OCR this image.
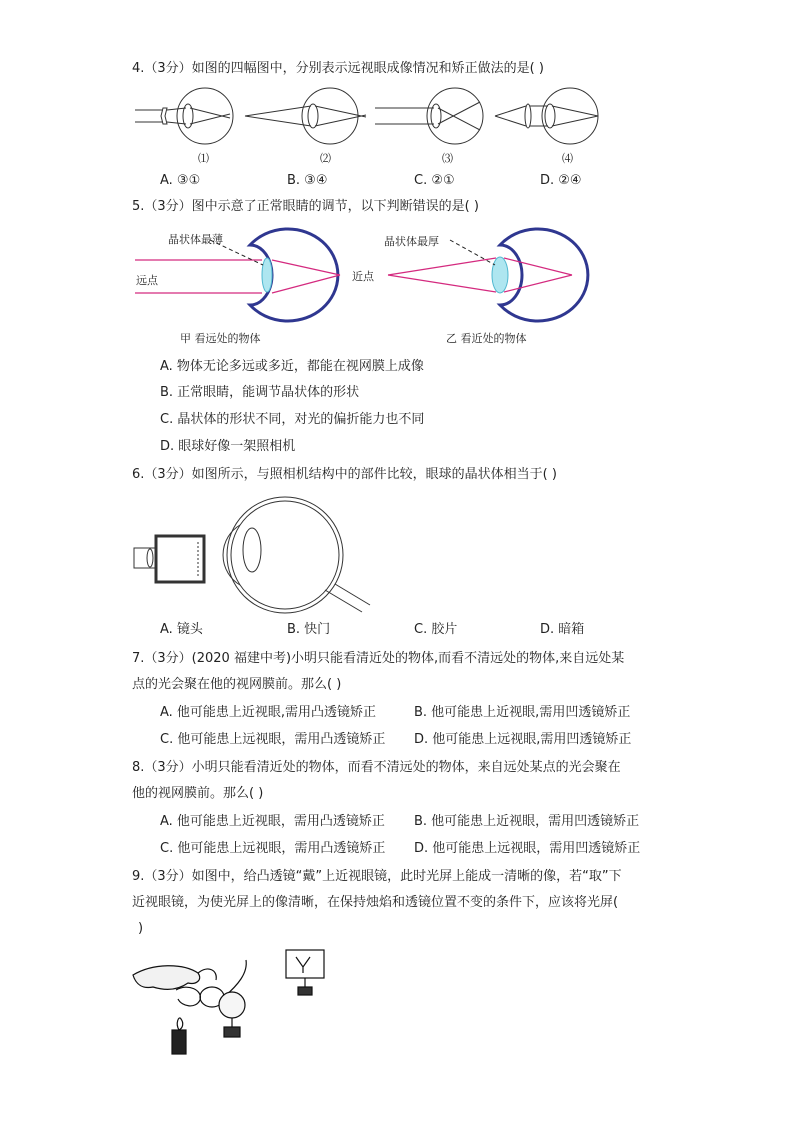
4.（3分）如图的四幅图中，分别表示远视眼成像情况和矫正做法的是( )
⑴	⑵	⑶	⑷
A. ③①	B. ③④	C. ②①	D. ②④
5.（3分）图中示意了正常眼睛的调节，以下判断错误的是( )
晶状体最薄
远点
甲 看远处的物体
晶状体最厚
近点
乙 看近处的物体
A. 物体无论多远或多近，都能在视网膜上成像
B. 正常眼睛，能调节晶状体的形状
C. 晶状体的形状不同，对光的偏折能力也不同
D. 眼球好像一架照相机
6.（3分）如图所示，与照相机结构中的部件比较，眼球的晶状体相当于( )
A. 镜头	B. 快门	C. 胶片	D. 暗箱
7.（3分）(2020 福建中考)小明只能看清近处的物体,而看不清远处的物体,来自远处某
点的光会聚在他的视网膜前。那么( )
A. 他可能患上近视眼,需用凸透镜矫正	B. 他可能患上近视眼,需用凹透镜矫正
C. 他可能患上远视眼，需用凸透镜矫正 D. 他可能患上远视眼,需用凹透镜矫正
8.（3分）小明只能看清近处的物体，而看不清远处的物体，来自远处某点的光会聚在
他的视网膜前。那么( )
A. 他可能患上近视眼，需用凸透镜矫正 B. 他可能患上近视眼，需用凹透镜矫正
C. 他可能患上远视眼，需用凸透镜矫正 D. 他可能患上远视眼，需用凹透镜矫正
9.（3分）如图中，给凸透镜“戴”上近视眼镜，此时光屏上能成一清晰的像，若“取”下
近视眼镜，为使光屏上的像清晰，在保持烛焰和透镜位置不变的条件下，应该将光屏(
)
